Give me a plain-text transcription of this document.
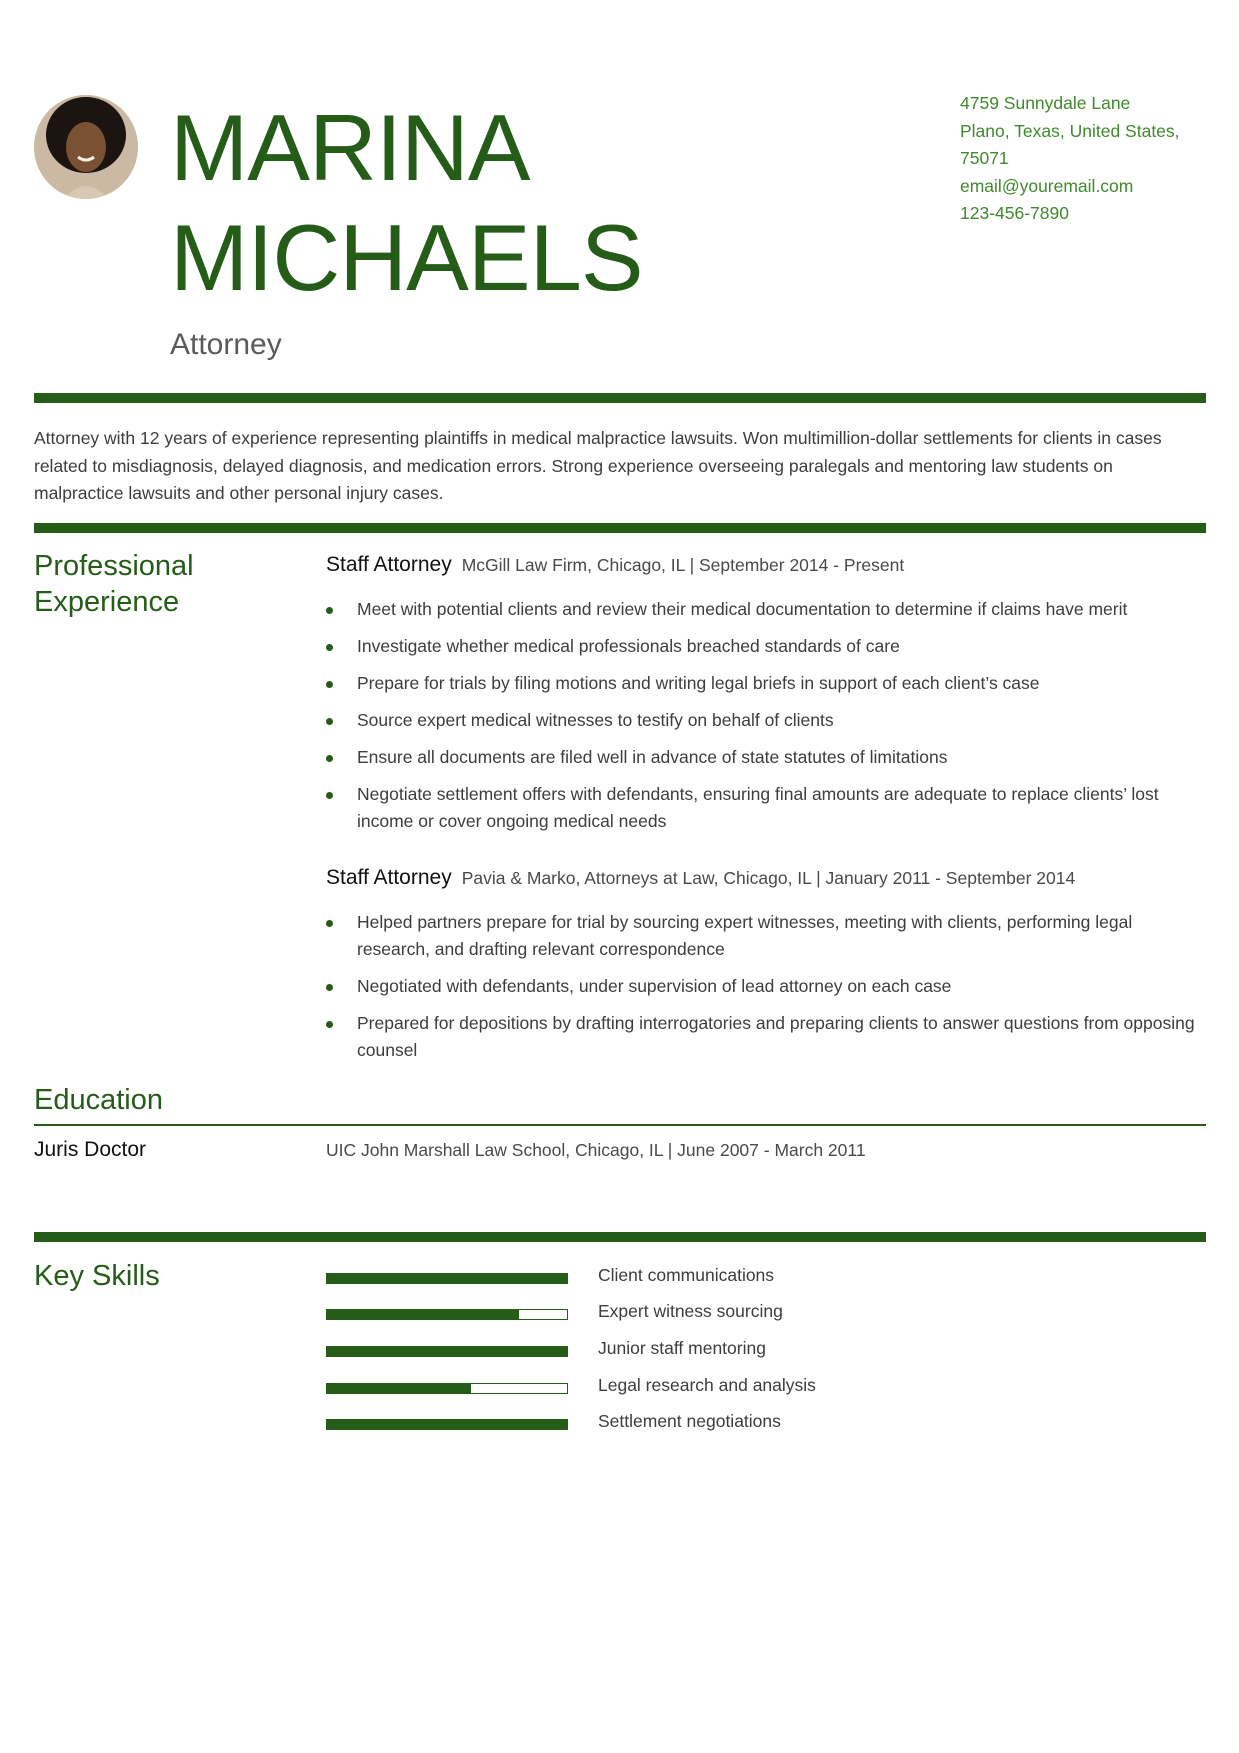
MARINA
MICHAELS
Attorney
4759 Sunnydale Lane
Plano, Texas, United States,
75071
email@youremail.com
123-456-7890
Attorney with 12 years of experience representing plaintiffs in medical malpractice lawsuits. Won multimillion-dollar settlements for clients in cases related to misdiagnosis, delayed diagnosis, and medication errors. Strong experience overseeing paralegals and mentoring law students on malpractice lawsuits and other personal injury cases.
Professional Experience
Staff Attorney McGill Law Firm, Chicago, IL | September 2014 - Present
Meet with potential clients and review their medical documentation to determine if claims have merit
Investigate whether medical professionals breached standards of care
Prepare for trials by filing motions and writing legal briefs in support of each client’s case
Source expert medical witnesses to testify on behalf of clients
Ensure all documents are filed well in advance of state statutes of limitations
Negotiate settlement offers with defendants, ensuring final amounts are adequate to replace clients’ lost income or cover ongoing medical needs
Staff Attorney Pavia & Marko, Attorneys at Law, Chicago, IL | January 2011 - September 2014
Helped partners prepare for trial by sourcing expert witnesses, meeting with clients, performing legal research, and drafting relevant correspondence
Negotiated with defendants, under supervision of lead attorney on each case
Prepared for depositions by drafting interrogatories and preparing clients to answer questions from opposing counsel
Education
Juris Doctor	UIC John Marshall Law School, Chicago, IL | June 2007 - March 2011
Key Skills	Client communications
Expert witness sourcing
Junior staff mentoring
Legal research and analysis
Settlement negotiations
